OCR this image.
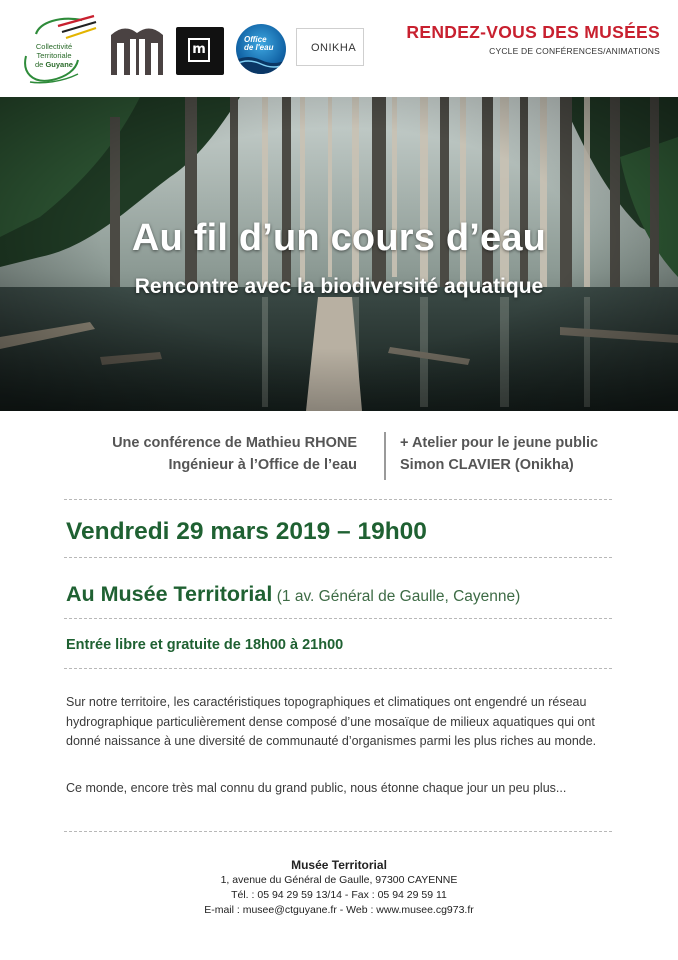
Collectivité
Territoriale
de Guyane
m
Office
de l'eau	ONIKHA
RENDEZ-VOUS DES MUSÉES
CYCLE DE CONFÉRENCES/ANIMATIONS
Au fil d’un cours d’eau
Rencontre avec la biodiversité aquatique
Une conférence de Mathieu RHONE
Ingénieur à l’Office de l’eau
+ Atelier pour le jeune public
Simon CLAVIER (Onikha)
Vendredi 29 mars 2019 – 19h00
Au Musée Territorial (1 av. Général de Gaulle, Cayenne)
Entrée libre et gratuite de 18h00 à 21h00
Sur notre territoire, les caractéristiques topographiques et climatiques ont engendré un réseau hydrographique particulièrement dense composé d’une mosaïque de milieux aquatiques qui ont donné naissance à une diversité de communauté d’organismes parmi les plus riches au monde.
Ce monde, encore très mal connu du grand public, nous étonne chaque jour un peu plus...
Musée Territorial
1, avenue du Général de Gaulle, 97300 CAYENNE
Tél. : 05 94 29 59 13/14 - Fax : 05 94 29 59 11
E-mail : musee@ctguyane.fr - Web : www.musee.cg973.fr
